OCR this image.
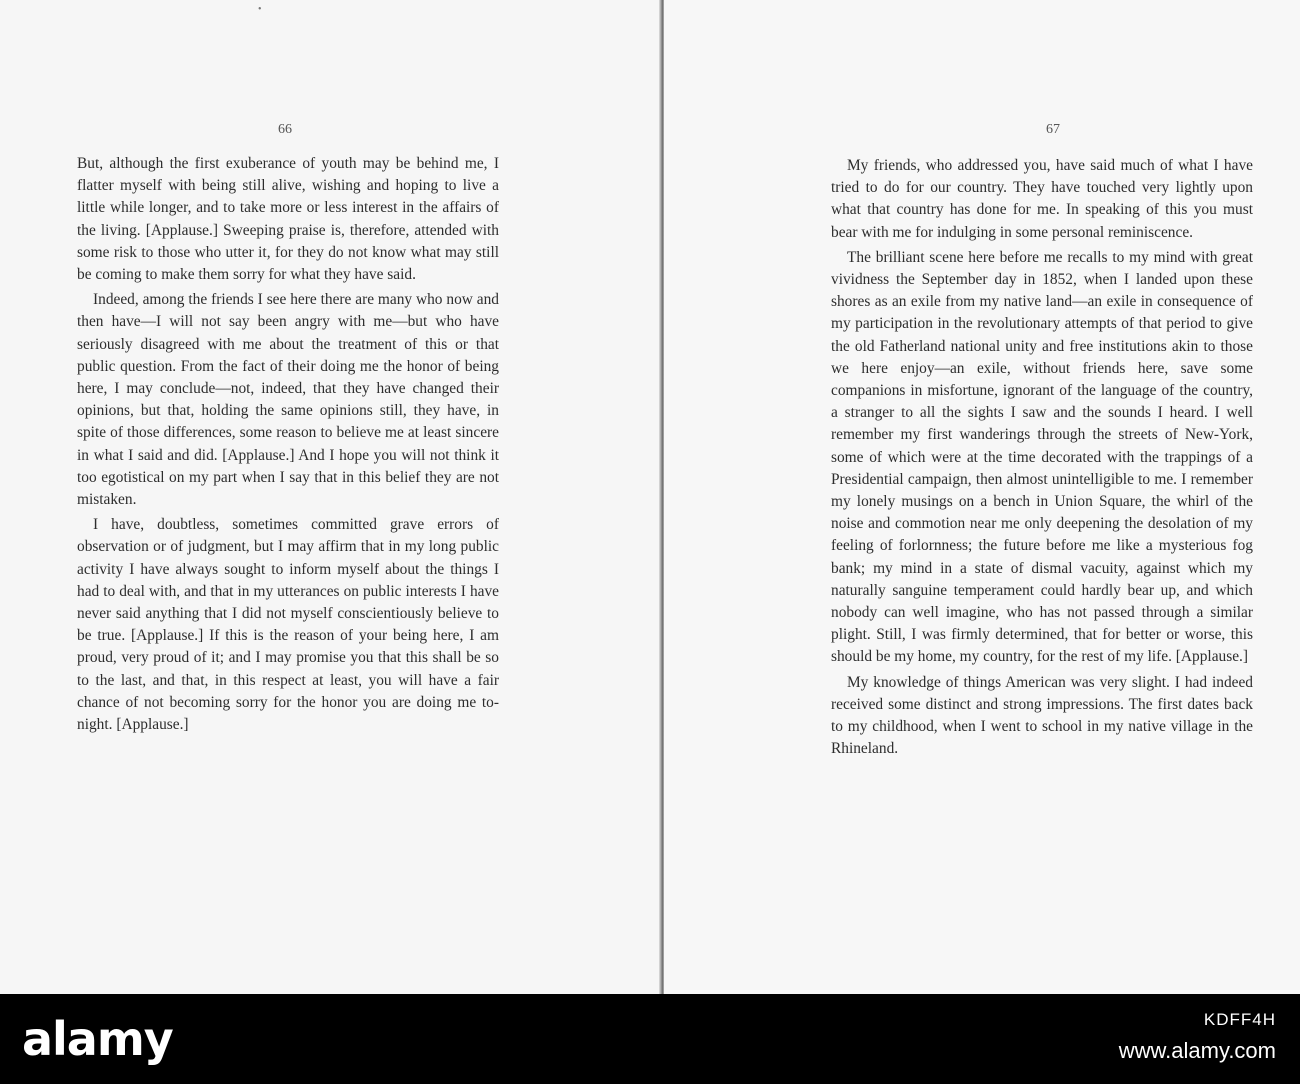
•
66

But, although the first exuberance of youth may be behind me, I flatter myself with being still alive, wishing and hoping to live a little while longer, and to take more or less interest in the affairs of the living. [Applause.] Sweeping praise is, therefore, attended with some risk to those who utter it, for they do not know what may still be coming to make them sorry for what they have said.

Indeed, among the friends I see here there are many who now and then have—I will not say been angry with me—but who have seriously disagreed with me about the treatment of this or that public question. From the fact of their doing me the honor of being here, I may conclude—not, indeed, that they have changed their opinions, but that, holding the same opinions still, they have, in spite of those differences, some reason to believe me at least sincere in what I said and did. [Applause.] And I hope you will not think it too egotistical on my part when I say that in this belief they are not mistaken.

I have, doubtless, sometimes committed grave errors of observation or of judgment, but I may affirm that in my long public activity I have always sought to inform myself about the things I had to deal with, and that in my utterances on public interests I have never said anything that I did not myself conscientiously believe to be true. [Applause.] If this is the reason of your being here, I am proud, very proud of it; and I may promise you that this shall be so to the last, and that, in this respect at least, you will have a fair chance of not becoming sorry for the honor you are doing me to-night. [Applause.]

67

My friends, who addressed you, have said much of what I have tried to do for our country. They have touched very lightly upon what that country has done for me. In speaking of this you must bear with me for indulging in some personal reminiscence.

The brilliant scene here before me recalls to my mind with great vividness the September day in 1852, when I landed upon these shores as an exile from my native land—an exile in consequence of my participation in the revolutionary attempts of that period to give the old Fatherland national unity and free institutions akin to those we here enjoy—an exile, without friends here, save some companions in misfortune, ignorant of the language of the country, a stranger to all the sights I saw and the sounds I heard. I well remember my first wanderings through the streets of New-York, some of which were at the time decorated with the trappings of a Presidential campaign, then almost unintelligible to me. I remember my lonely musings on a bench in Union Square, the whirl of the noise and commotion near me only deepening the desolation of my feeling of forlornness; the future before me like a mysterious fog bank; my mind in a state of dismal vacuity, against which my naturally sanguine temperament could hardly bear up, and which nobody can well imagine, who has not passed through a similar plight. Still, I was firmly determined, that for better or worse, this should be my home, my country, for the rest of my life. [Applause.]

My knowledge of things American was very slight. I had indeed received some distinct and strong impressions. The first dates back to my childhood, when I went to school in my native village in the Rhineland.

alamy	KDFF4H
www.alamy.com
